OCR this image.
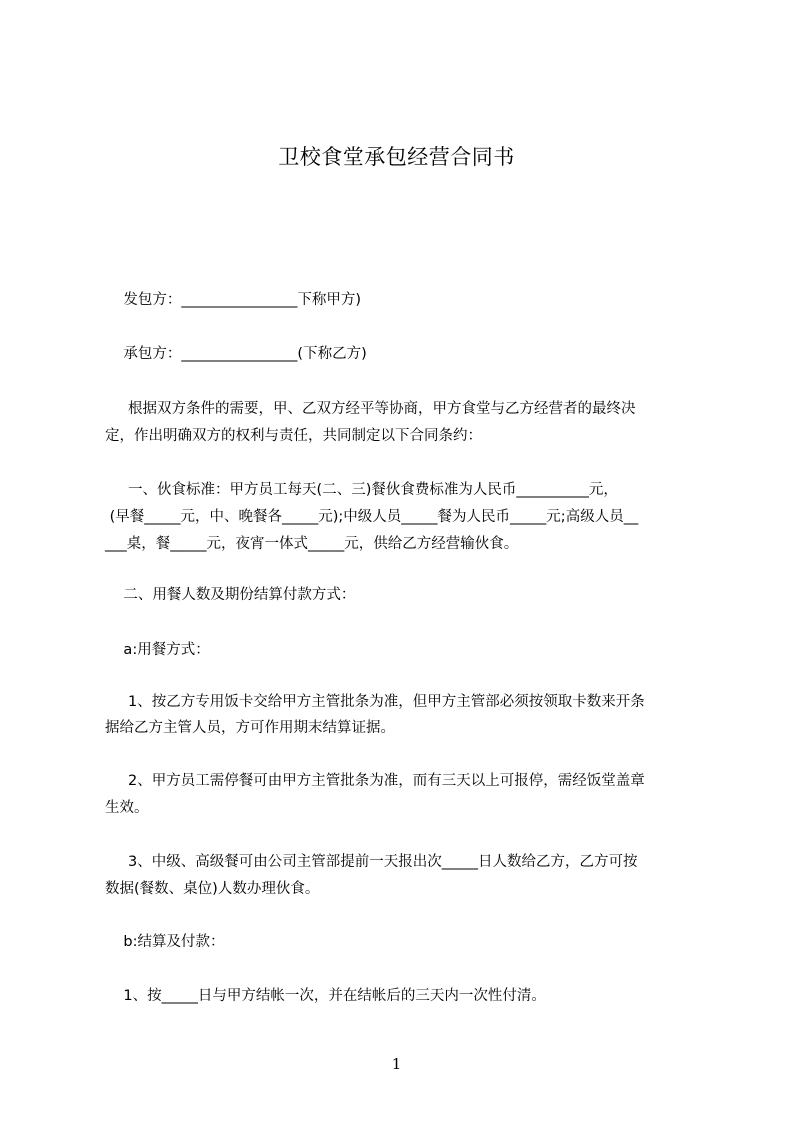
卫校食堂承包经营合同书
发包方：________________下称甲方)
承包方：________________(下称乙方)
根据双方条件的需要，甲、乙双方经平等协商，甲方食堂与乙方经营者的最终决
定，作出明确双方的权利与责任，共同制定以下合同条约：
一、伙食标准：甲方员工每天(二、三)餐伙食费标准为人民币__________元，
(早餐_____元，中、晚餐各_____元);中级人员_____餐为人民币_____元;高级人员__
___桌，餐_____元，夜宵一体式_____元，供给乙方经营输伙食。
二、用餐人数及期份结算付款方式：
a:用餐方式：
1、按乙方专用饭卡交给甲方主管批条为准，但甲方主管部必须按领取卡数来开条
据给乙方主管人员，方可作用期末结算证据。
2、甲方员工需停餐可由甲方主管批条为准，而有三天以上可报停，需经饭堂盖章
生效。
3、中级、高级餐可由公司主管部提前一天报出次_____日人数给乙方，乙方可按
数据(餐数、桌位)人数办理伙食。
b:结算及付款：
1、按_____日与甲方结帐一次，并在结帐后的三天内一次性付清。
1
